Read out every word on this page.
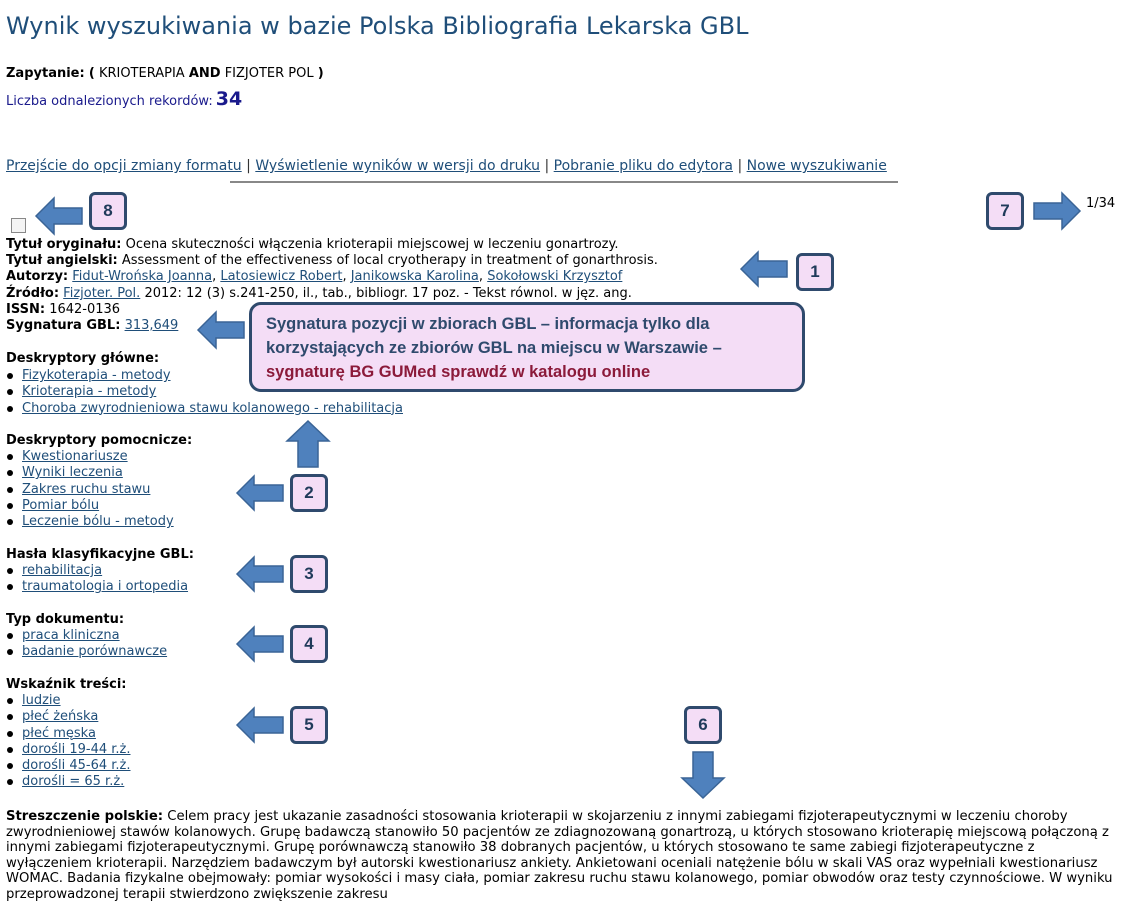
Wynik wyszukiwania w bazie Polska Bibliografia Lekarska GBL
Zapytanie: ( KRIOTERAPIA AND FIZJOTER POL )
Liczba odnalezionych rekordów: 34
Przejście do opcji zmiany formatu | Wyświetlenie wyników w wersji do druku | Pobranie pliku do edytora | Nowe wyszukiwanie
1/34
Tytuł oryginału: Ocena skuteczności włączenia krioterapii miejscowej w leczeniu gonartrozy.
Tytuł angielski: Assessment of the effectiveness of local cryotherapy in treatment of gonarthrosis.
Autorzy: Fidut-Wrońska Joanna, Latosiewicz Robert, Janikowska Karolina, Sokołowski Krzysztof
Źródło: Fizjoter. Pol. 2012: 12 (3) s.241-250, il., tab., bibliogr. 17 poz. - Tekst równol. w jęz. ang.
ISSN: 1642-0136
Sygnatura GBL: 313,649
Deskryptory główne:
Fizykoterapia - metody
Krioterapia - metody
Choroba zwyrodnieniowa stawu kolanowego - rehabilitacja
Deskryptory pomocnicze:
Kwestionariusze
Wyniki leczenia
Zakres ruchu stawu
Pomiar bólu
Leczenie bólu - metody
Hasła klasyfikacyjne GBL:
rehabilitacja
traumatologia i ortopedia
Typ dokumentu:
praca kliniczna
badanie porównawcze
Wskaźnik treści:
ludzie
płeć żeńska
płeć męska
dorośli 19-44 r.ż.
dorośli 45-64 r.ż.
dorośli = 65 r.ż.
Streszczenie polskie: Celem pracy jest ukazanie zasadności stosowania krioterapii w skojarzeniu z innymi zabiegami fizjoterapeutycznymi w leczeniu choroby zwyrodnieniowej stawów kolanowych. Grupę badawczą stanowiło 50 pacjentów ze zdiagnozowaną gonartrozą, u których stosowano krioterapię miejscową połączoną z innymi zabiegami fizjoterapeutycznymi. Grupę porównawczą stanowiło 38 dobranych pacjentów, u których stosowano te same zabiegi fizjoterapeutyczne z wyłączeniem krioterapii. Narzędziem badawczym był autorski kwestionariusz ankiety. Ankietowani oceniali natężenie bólu w skali VAS oraz wypełniali kwestionariusz WOMAC. Badania fizykalne obejmowały: pomiar wysokości i masy ciała, pomiar zakresu ruchu stawu kolanowego, pomiar obwodów oraz testy czynnościowe. W wyniku przeprowadzonej terapii stwierdzono zwiększenie zakresu
Sygnatura pozycji w zbiorach GBL – informacja tylko dla
korzystających ze zbiorów GBL na miejscu w Warszawie –
sygnaturę BG GUMed sprawdź w katalogu online
1
2
3
4
5	6
7
8
